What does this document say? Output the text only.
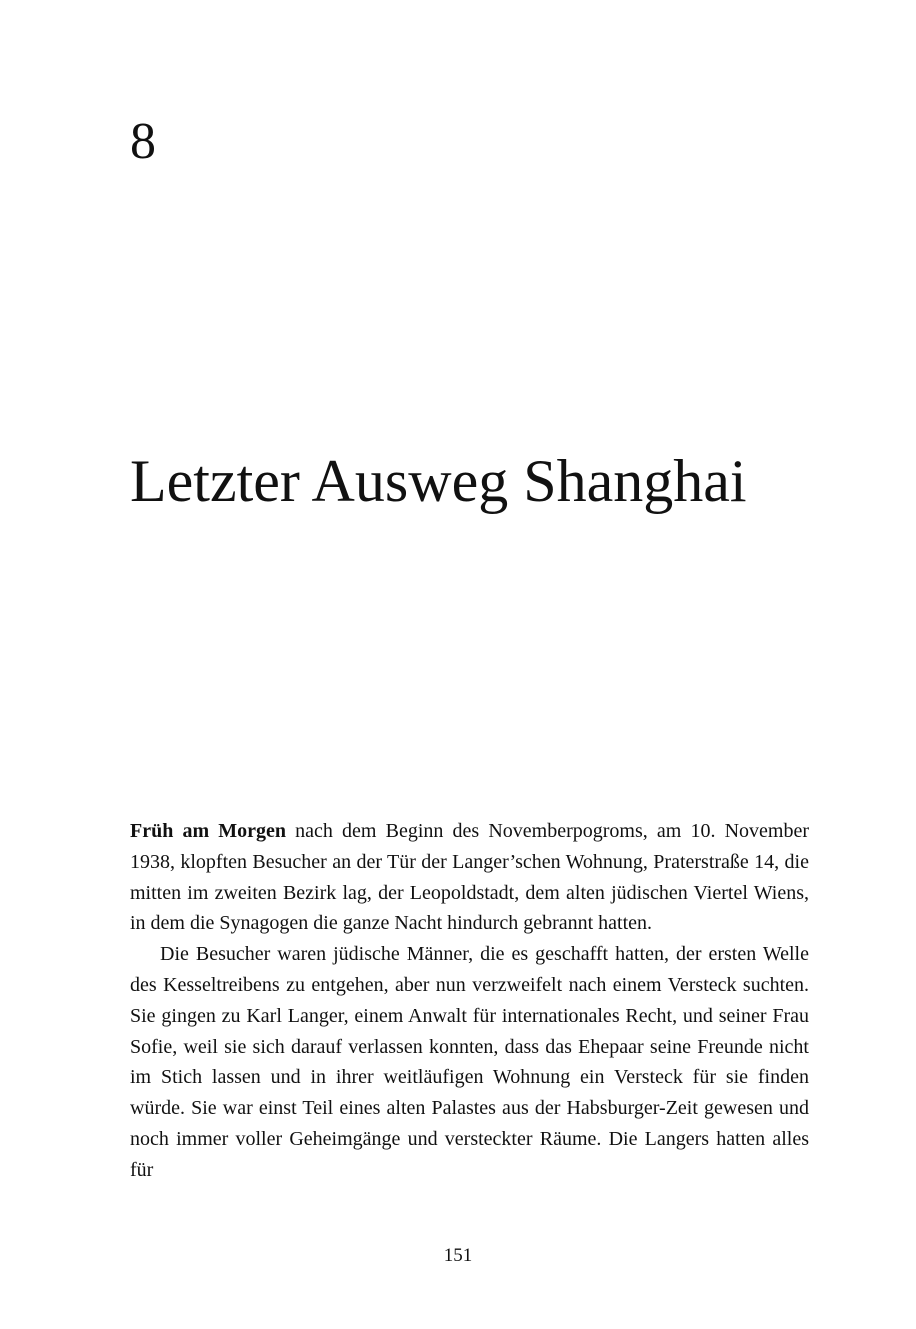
8
Letzter Ausweg Shanghai

Früh am Morgen nach dem Beginn des Novemberpogroms, am 10. November 1938, klopften Besucher an der Tür der Langer’schen Wohnung, Praterstraße 14, die mitten im zweiten Bezirk lag, der Leopoldstadt, dem alten jüdischen Viertel Wiens, in dem die Synagogen die ganze Nacht hindurch gebrannt hatten.

Die Besucher waren jüdische Männer, die es geschafft hatten, der ersten Welle des Kesseltreibens zu entgehen, aber nun verzweifelt nach einem Versteck suchten. Sie gingen zu Karl Langer, einem Anwalt für internationales Recht, und seiner Frau Sofie, weil sie sich darauf verlassen konnten, dass das Ehepaar seine Freunde nicht im Stich lassen und in ihrer weitläufigen Wohnung ein Versteck für sie finden würde. Sie war einst Teil eines alten Palastes aus der Habsburger-Zeit gewesen und noch immer voller Geheimgänge und versteckter Räume. Die Langers hatten alles für

151
